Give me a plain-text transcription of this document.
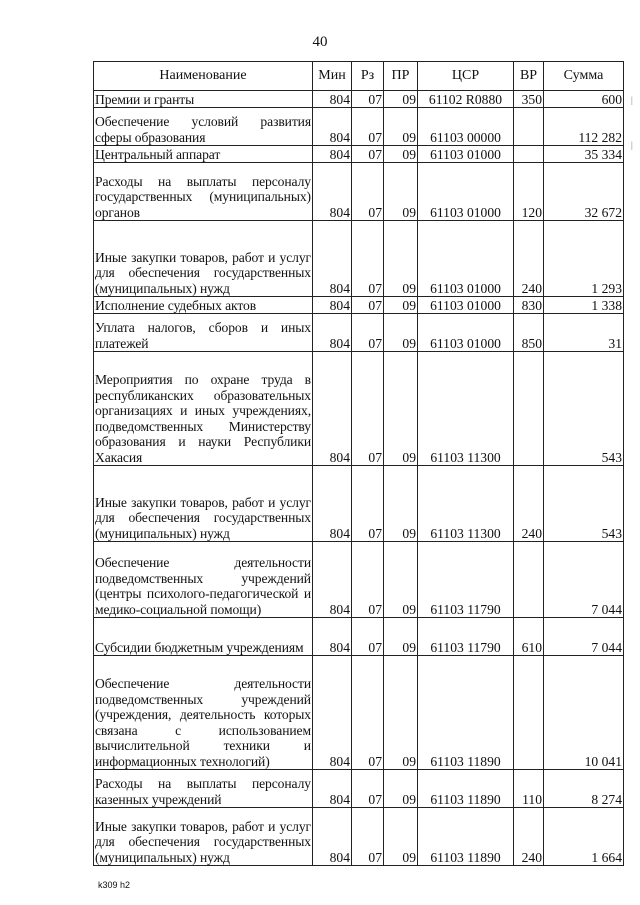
40
Наименование	Мин	Рз	ПР	ЦСР	ВР	Сумма
Премии и гранты	804	07	09	61102 R0880	350	600
Обеспечение условий развития сферы образования	804	07	09	61103 00000		112 282
Центральный аппарат	804	07	09	61103 01000		35 334
Расходы на выплаты персоналу государственных (муниципальных) органов	804	07	09	61103 01000	120	32 672
Иные закупки товаров, работ и услуг для обеспечения государственных (муниципальных) нужд	804	07	09	61103 01000	240	1 293
Исполнение судебных актов	804	07	09	61103 01000	830	1 338
Уплата налогов, сборов и иных платежей	804	07	09	61103 01000	850	31
Мероприятия по охране труда в республиканских образовательных организациях и иных учреждениях, подведомственных Министерству образования и науки Республики Хакасия	804	07	09	61103 11300		543
Иные закупки товаров, работ и услуг для обеспечения государственных (муниципальных) нужд	804	07	09	61103 11300	240	543
Обеспечение деятельности подведомственных учреждений (центры психолого-педагогической и медико-социальной помощи)	804	07	09	61103 11790		7 044
Субсидии бюджетным учреждениям	804	07	09	61103 11790	610	7 044
Обеспечение деятельности подведомственных учреждений (учреждения, деятельность которых связана с использованием вычислительной техники и информационных технологий)	804	07	09	61103 11890		10 041
Расходы на выплаты персоналу казенных учреждений	804	07	09	61103 11890	110	8 274
Иные закупки товаров, работ и услуг для обеспечения государственных (муниципальных) нужд	804	07	09	61103 11890	240	1 664
|
|
k309 h2
